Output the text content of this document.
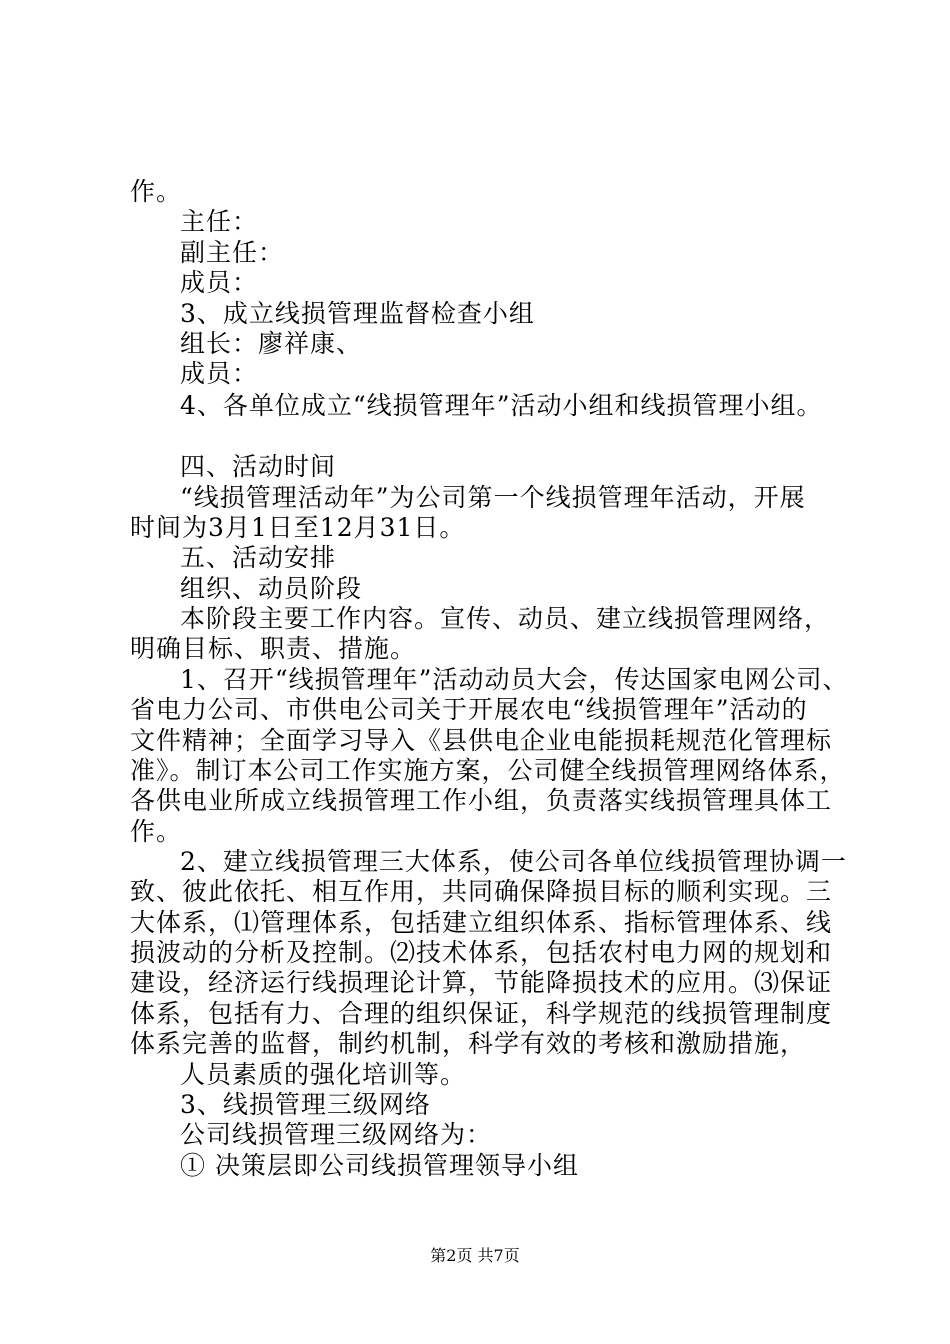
作。
主任：
副主任：
成员：
3、成立线损管理监督检查小组
组长：廖祥康、
成员：
4、各单位成立“线损管理年”活动小组和线损管理小组。
四、活动时间
“线损管理活动年”为公司第一个线损管理年活动，开展
时间为3月1日至12月31日。
五、活动安排
组织、动员阶段
本阶段主要工作内容。宣传、动员、建立线损管理网络，
明确目标、职责、措施。
1、召开“线损管理年”活动动员大会，传达国家电网公司、
省电力公司、市供电公司关于开展农电“线损管理年”活动的
文件精神；全面学习导入《县供电企业电能损耗规范化管理标
准》。制订本公司工作实施方案，公司健全线损管理网络体系，
各供电业所成立线损管理工作小组，负责落实线损管理具体工
作。
2、建立线损管理三大体系，使公司各单位线损管理协调一
致、彼此依托、相互作用，共同确保降损目标的顺利实现。三
大体系，⑴管理体系，包括建立组织体系、指标管理体系、线
损波动的分析及控制。⑵技术体系，包括农村电力网的规划和
建设，经济运行线损理论计算，节能降损技术的应用。⑶保证
体系，包括有力、合理的组织保证，科学规范的线损管理制度
体系完善的监督，制约机制，科学有效的考核和激励措施，
人员素质的强化培训等。
3、线损管理三级网络
公司线损管理三级网络为：
① 决策层即公司线损管理领导小组
第2页 共7页
